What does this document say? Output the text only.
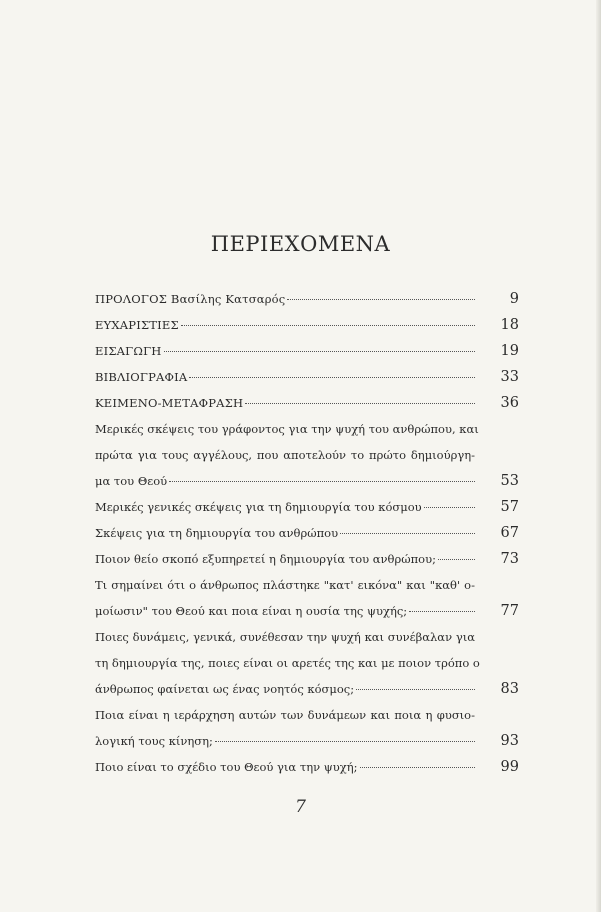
ΠΕΡΙΕΧΟΜΕΝΑ
ΠΡΟΛΟΓΟΣ Βασίλης Κατσαρός	9
ΕΥΧΑΡΙΣΤΙΕΣ	18
ΕΙΣΑΓΩΓΗ	19
ΒΙΒΛΙΟΓΡΑΦΙΑ	33
ΚΕΙΜΕΝΟ-ΜΕΤΑΦΡΑΣΗ	36
Μερικές σκέψεις του γράφοντος για την ψυχή του ανθρώπου, και
πρώτα για τους αγγέλους, που αποτελούν το πρώτο δημιούργη-
μα του Θεού	53
Μερικές γενικές σκέψεις για τη δημιουργία του κόσμου	57
Σκέψεις για τη δημιουργία του ανθρώπου	67
Ποιον θείο σκοπό εξυπηρετεί η δημιουργία του ανθρώπου;	73
Τι σημαίνει ότι ο άνθρωπος πλάστηκε "κατ' εικόνα" και "καθ' ο-
μοίωσιν" του Θεού και ποια είναι η ουσία της ψυχής;	77
Ποιες δυνάμεις, γενικά, συνέθεσαν την ψυχή και συνέβαλαν για
τη δημιουργία της, ποιες είναι οι αρετές της και με ποιον τρόπο ο
άνθρωπος φαίνεται ως ένας νοητός κόσμος;	83
Ποια είναι η ιεράρχηση αυτών των δυνάμεων και ποια η φυσιο-
λογική τους κίνηση;	93
Ποιο είναι το σχέδιο του Θεού για την ψυχή;	99
7
